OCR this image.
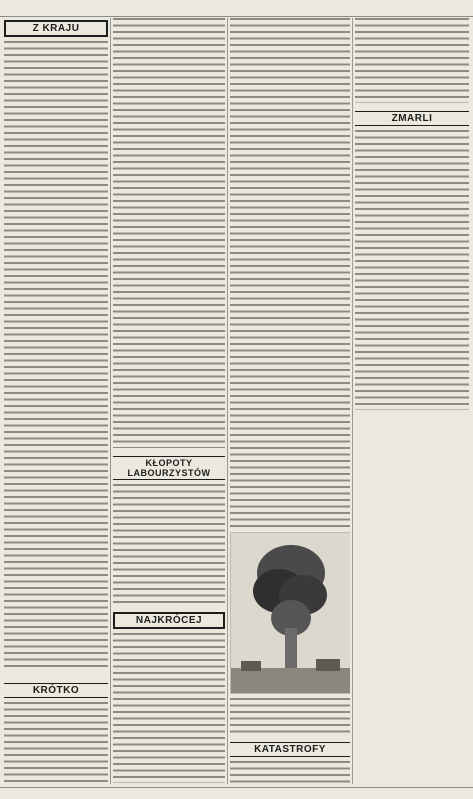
Z KRAJU

KRÓTKO

KŁOPOTY LABOURZYSTÓW

NAJKRÓCEJ

KATASTROFY

ZMARLI
